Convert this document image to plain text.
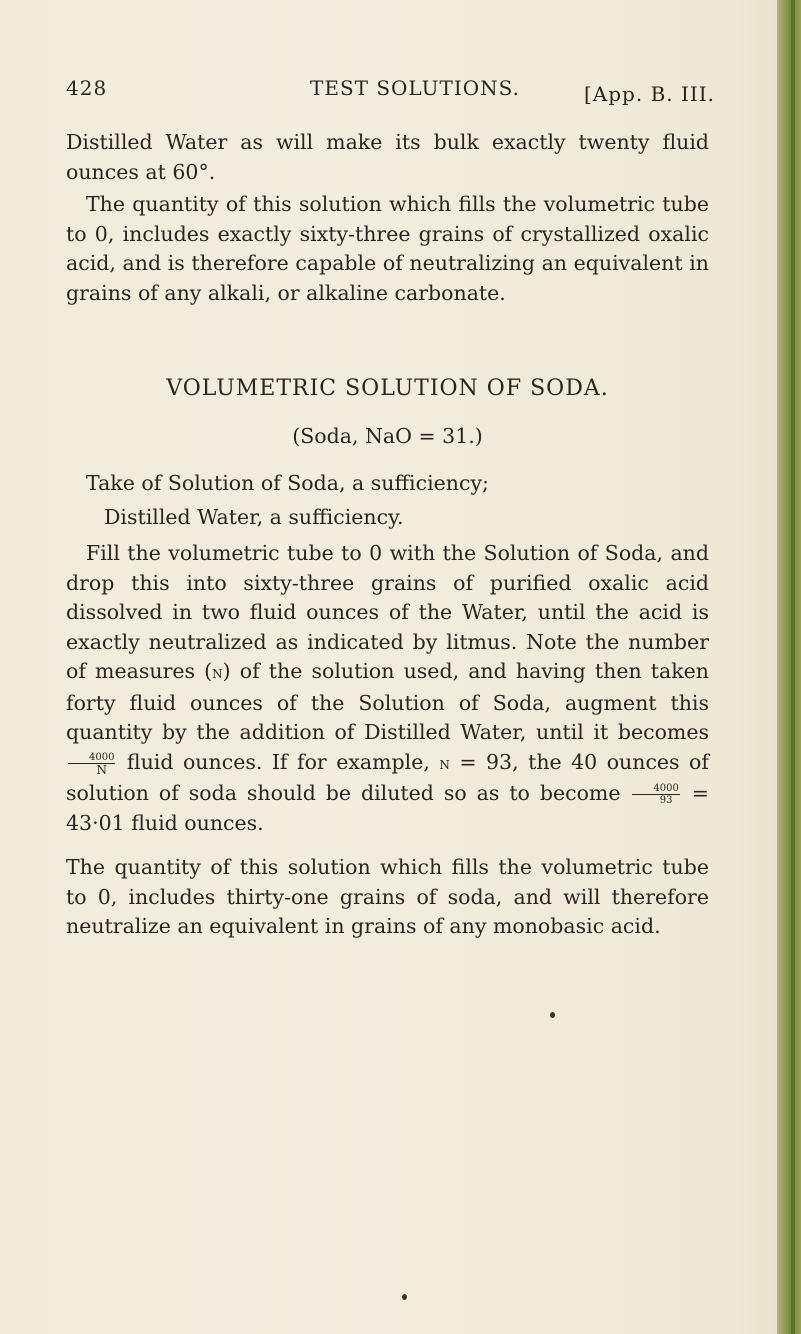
428	TEST SOLUTIONS.	[App. B. III.
Distilled Water as will make its bulk exactly twenty fluid ounces at 60°.
The quantity of this solution which fills the volumetric tube to 0, includes exactly sixty-three grains of crystallized oxalic acid, and is therefore capable of neutralizing an equivalent in grains of any alkali, or alkaline carbonate.
VOLUMETRIC SOLUTION OF SODA.
(Soda, NaO = 31.)
Take of Solution of Soda, a sufficiency;
Distilled Water, a sufficiency.
Fill the volumetric tube to 0 with the Solution of Soda, and drop this into sixty-three grains of purified oxalic acid dissolved in two fluid ounces of the Water, until the acid is exactly neutralized as indicated by litmus. Note the number of measures (n) of the solution used, and having then taken forty fluid ounces of the Solution of Soda, augment this quantity by the addition of Distilled Water, until it becomes
$\frac{4000}{n}$ fluid ounces. If for example, n = 93, the 40 ounces of solution of soda should be diluted so as to become $\frac{4000}{93} = 43\cdot 01$ fluid ounces.
The quantity of this solution which fills the volumetric tube to 0, includes thirty-one grains of soda, and will therefore neutralize an equivalent in grains of any monobasic acid.
